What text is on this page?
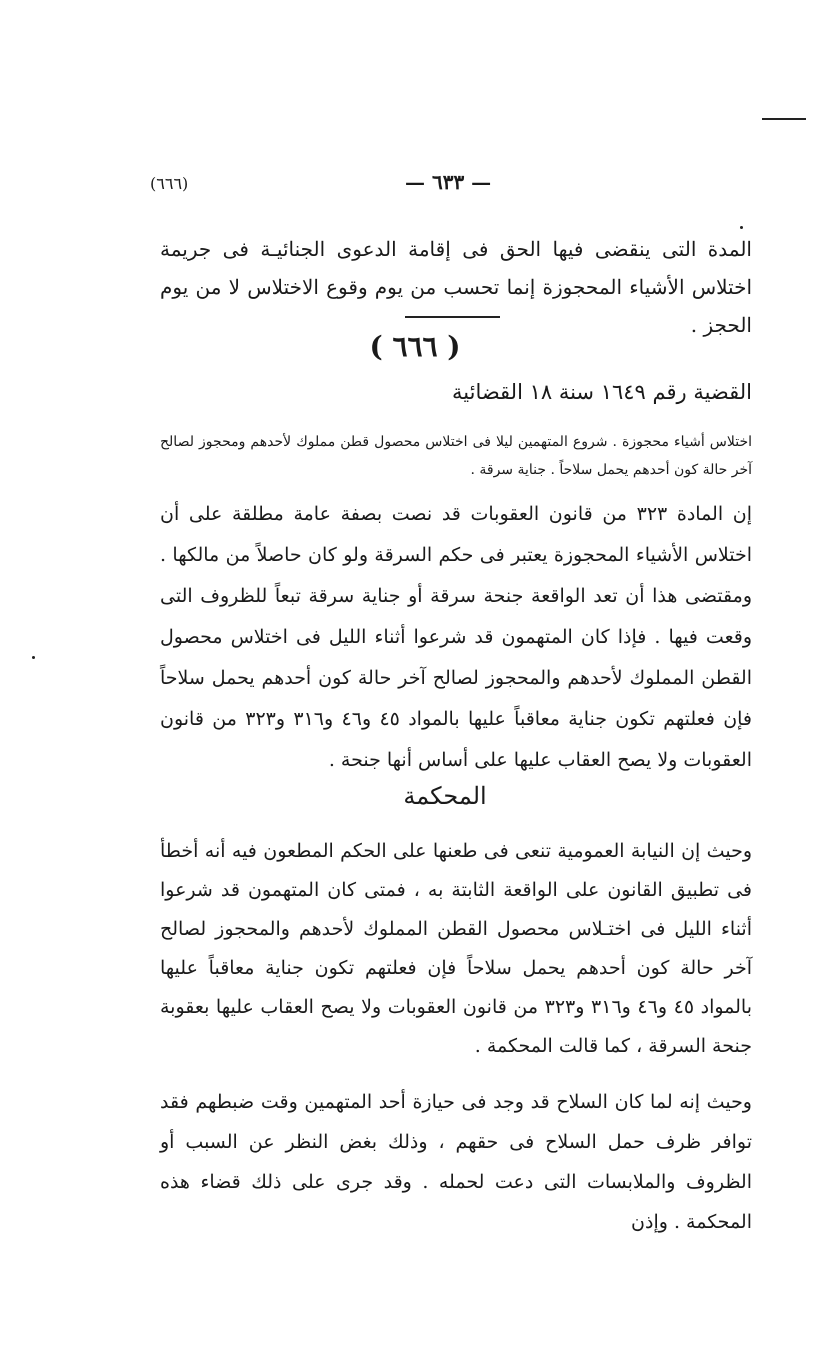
(٦٦٦)	— ٦٣٣ —

المدة التى ينقضى فيها الحق فى إقامة الدعوى الجنائيـة فى جريمة اختلاس الأشياء المحجوزة إنما تحسب من يوم وقوع الاختلاس لا من يوم الحجز .

( ٦٦٦ )
القضية رقم ١٦٤٩ سنة ١٨ القضائية

اختلاس أشياء محجوزة . شروع المتهمين ليلا فى اختلاس محصول قطن مملوك لأحدهم ومحجوز لصالح آخر حالة كون أحدهم يحمل سلاحاً . جناية سرقة .

إن المادة ٣٢٣ من قانون العقوبات قد نصت بصفة عامة مطلقة على أن اختلاس الأشياء المحجوزة يعتبر فى حكم السرقة ولو كان حاصلاً من مالكها . ومقتضى هذا أن تعد الواقعة جنحة سرقة أو جناية سرقة تبعاً للظروف التى وقعت فيها . فإذا كان المتهمون قد شرعوا أثناء الليل فى اختلاس محصول القطن المملوك لأحدهم والمحجوز لصالح آخر حالة كون أحدهم يحمل سلاحاً فإن فعلتهم تكون جناية معاقباً عليها بالمواد ٤٥ و٤٦ و٣١٦ و٣٢٣ من قانون العقوبات ولا يصح العقاب عليها على أساس أنها جنحة .

المحكمة

وحيث إن النيابة العمومية تنعى فى طعنها على الحكم المطعون فيه أنه أخطأ فى تطبيق القانون على الواقعة الثابتة به ، فمتى كان المتهمون قد شرعوا أثناء الليل فى اختـلاس محصول القطن المملوك لأحدهم والمحجوز لصالح آخر حالة كون أحدهم يحمل سلاحاً فإن فعلتهم تكون جناية معاقباً عليها بالمواد ٤٥ و٤٦ و٣١٦ و٣٢٣ من قانون العقوبات ولا يصح العقاب عليها بعقوبة جنحة السرقة ، كما قالت المحكمة .

وحيث إنه لما كان السلاح قد وجد فى حيازة أحد المتهمين وقت ضبطهم فقد توافر ظرف حمل السلاح فى حقهم ، وذلك بغض النظر عن السبب أو الظروف والملابسات التى دعت لحمله . وقد جرى على ذلك قضاء هذه المحكمة . وإذن
